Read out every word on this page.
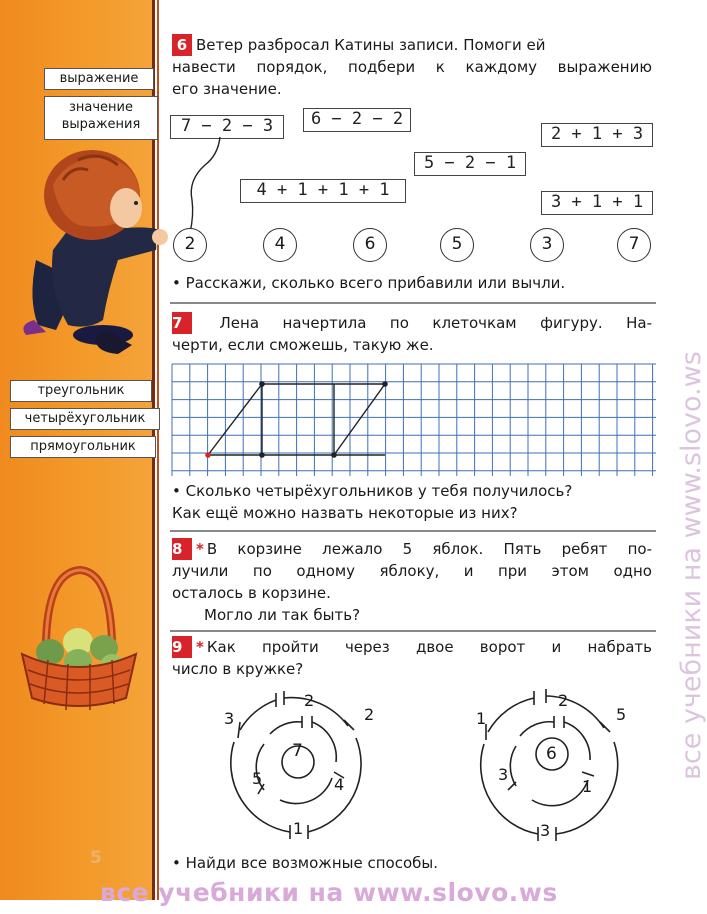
выражение
значение выражения
треугольник
четырёхугольник
прямоугольник
5
6 Ветер разбросал Катины записи. Помоги ей
навести порядок, подбери к каждому выражению
его значение.
7 − 2 − 3	6 − 2 − 2
2 + 1 + 3
5 − 2 − 1
4 + 1 + 1 + 1
3 + 1 + 1
2	4	6	5	3	7
• Расскажи, сколько всего прибавили или вычли.
7 Лена начертила по клеточкам фигуру. На-
черти, если сможешь, такую же.
• Сколько четырёхугольников у тебя получилось?
Как ещё можно назвать некоторые из них?
8 * В корзине лежало 5 яблок. Пять ребят по-
лучили по одному яблоку, и при этом одно
осталось в корзине.
Могло ли так быть?
9 * Как пройти через двое ворот и набрать
число в кружке?
7
3	2
1
2
5	4
6
1	5
3
2
3
1
• Найди все возможные способы.
все учебники на www.slovo.ws
все учебники на www.slovo.ws
